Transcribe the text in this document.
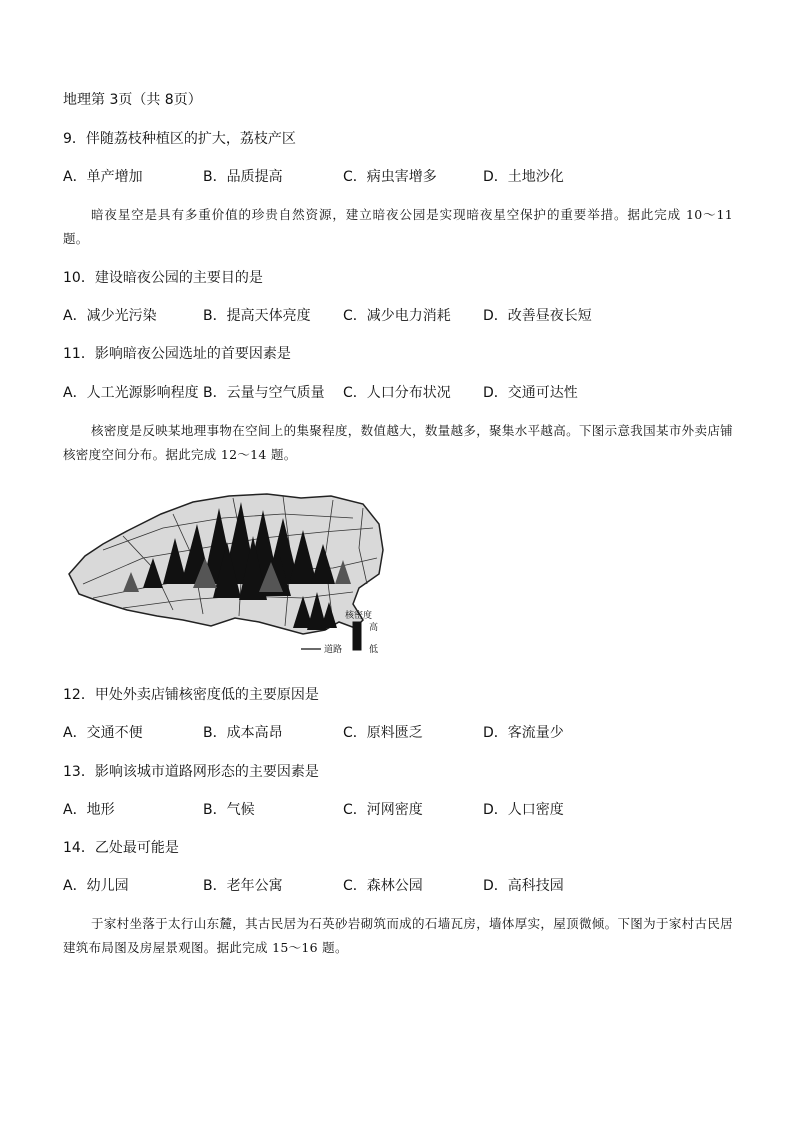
地理第 3页（共 8页）
9．伴随荔枝种植区的扩大，荔枝产区
A．单产增加	B．品质提高	C．病虫害增多	D．土地沙化
暗夜星空是具有多重价值的珍贵自然资源，建立暗夜公园是实现暗夜星空保护的重要举措。据此完成 10～11 题。
10．建设暗夜公园的主要目的是
A．减少光污染	B．提高天体亮度 C．减少电力消耗 D．改善昼夜长短
11．影响暗夜公园选址的首要因素是
A．人工光源影响程度 B．云量与空气质量 C．人口分布状况 D．交通可达性
核密度是反映某地理事物在空间上的集聚程度，数值越大，数量越多，聚集水平越高。下图示意我国某市外卖店铺核密度空间分布。据此完成 12～14 题。
核密度
高
低
道路
12．甲处外卖店铺核密度低的主要原因是
A．交通不便	B．成本高昂	C．原料匮乏	D．客流量少
13．影响该城市道路网形态的主要因素是
A．地形	B．气候	C．河网密度	D．人口密度
14．乙处最可能是
A．幼儿园	B．老年公寓	C．森林公园	D．高科技园
于家村坐落于太行山东麓，其古民居为石英砂岩砌筑而成的石墙瓦房，墙体厚实，屋顶微倾。下图为于家村古民居建筑布局图及房屋景观图。据此完成 15～16 题。
